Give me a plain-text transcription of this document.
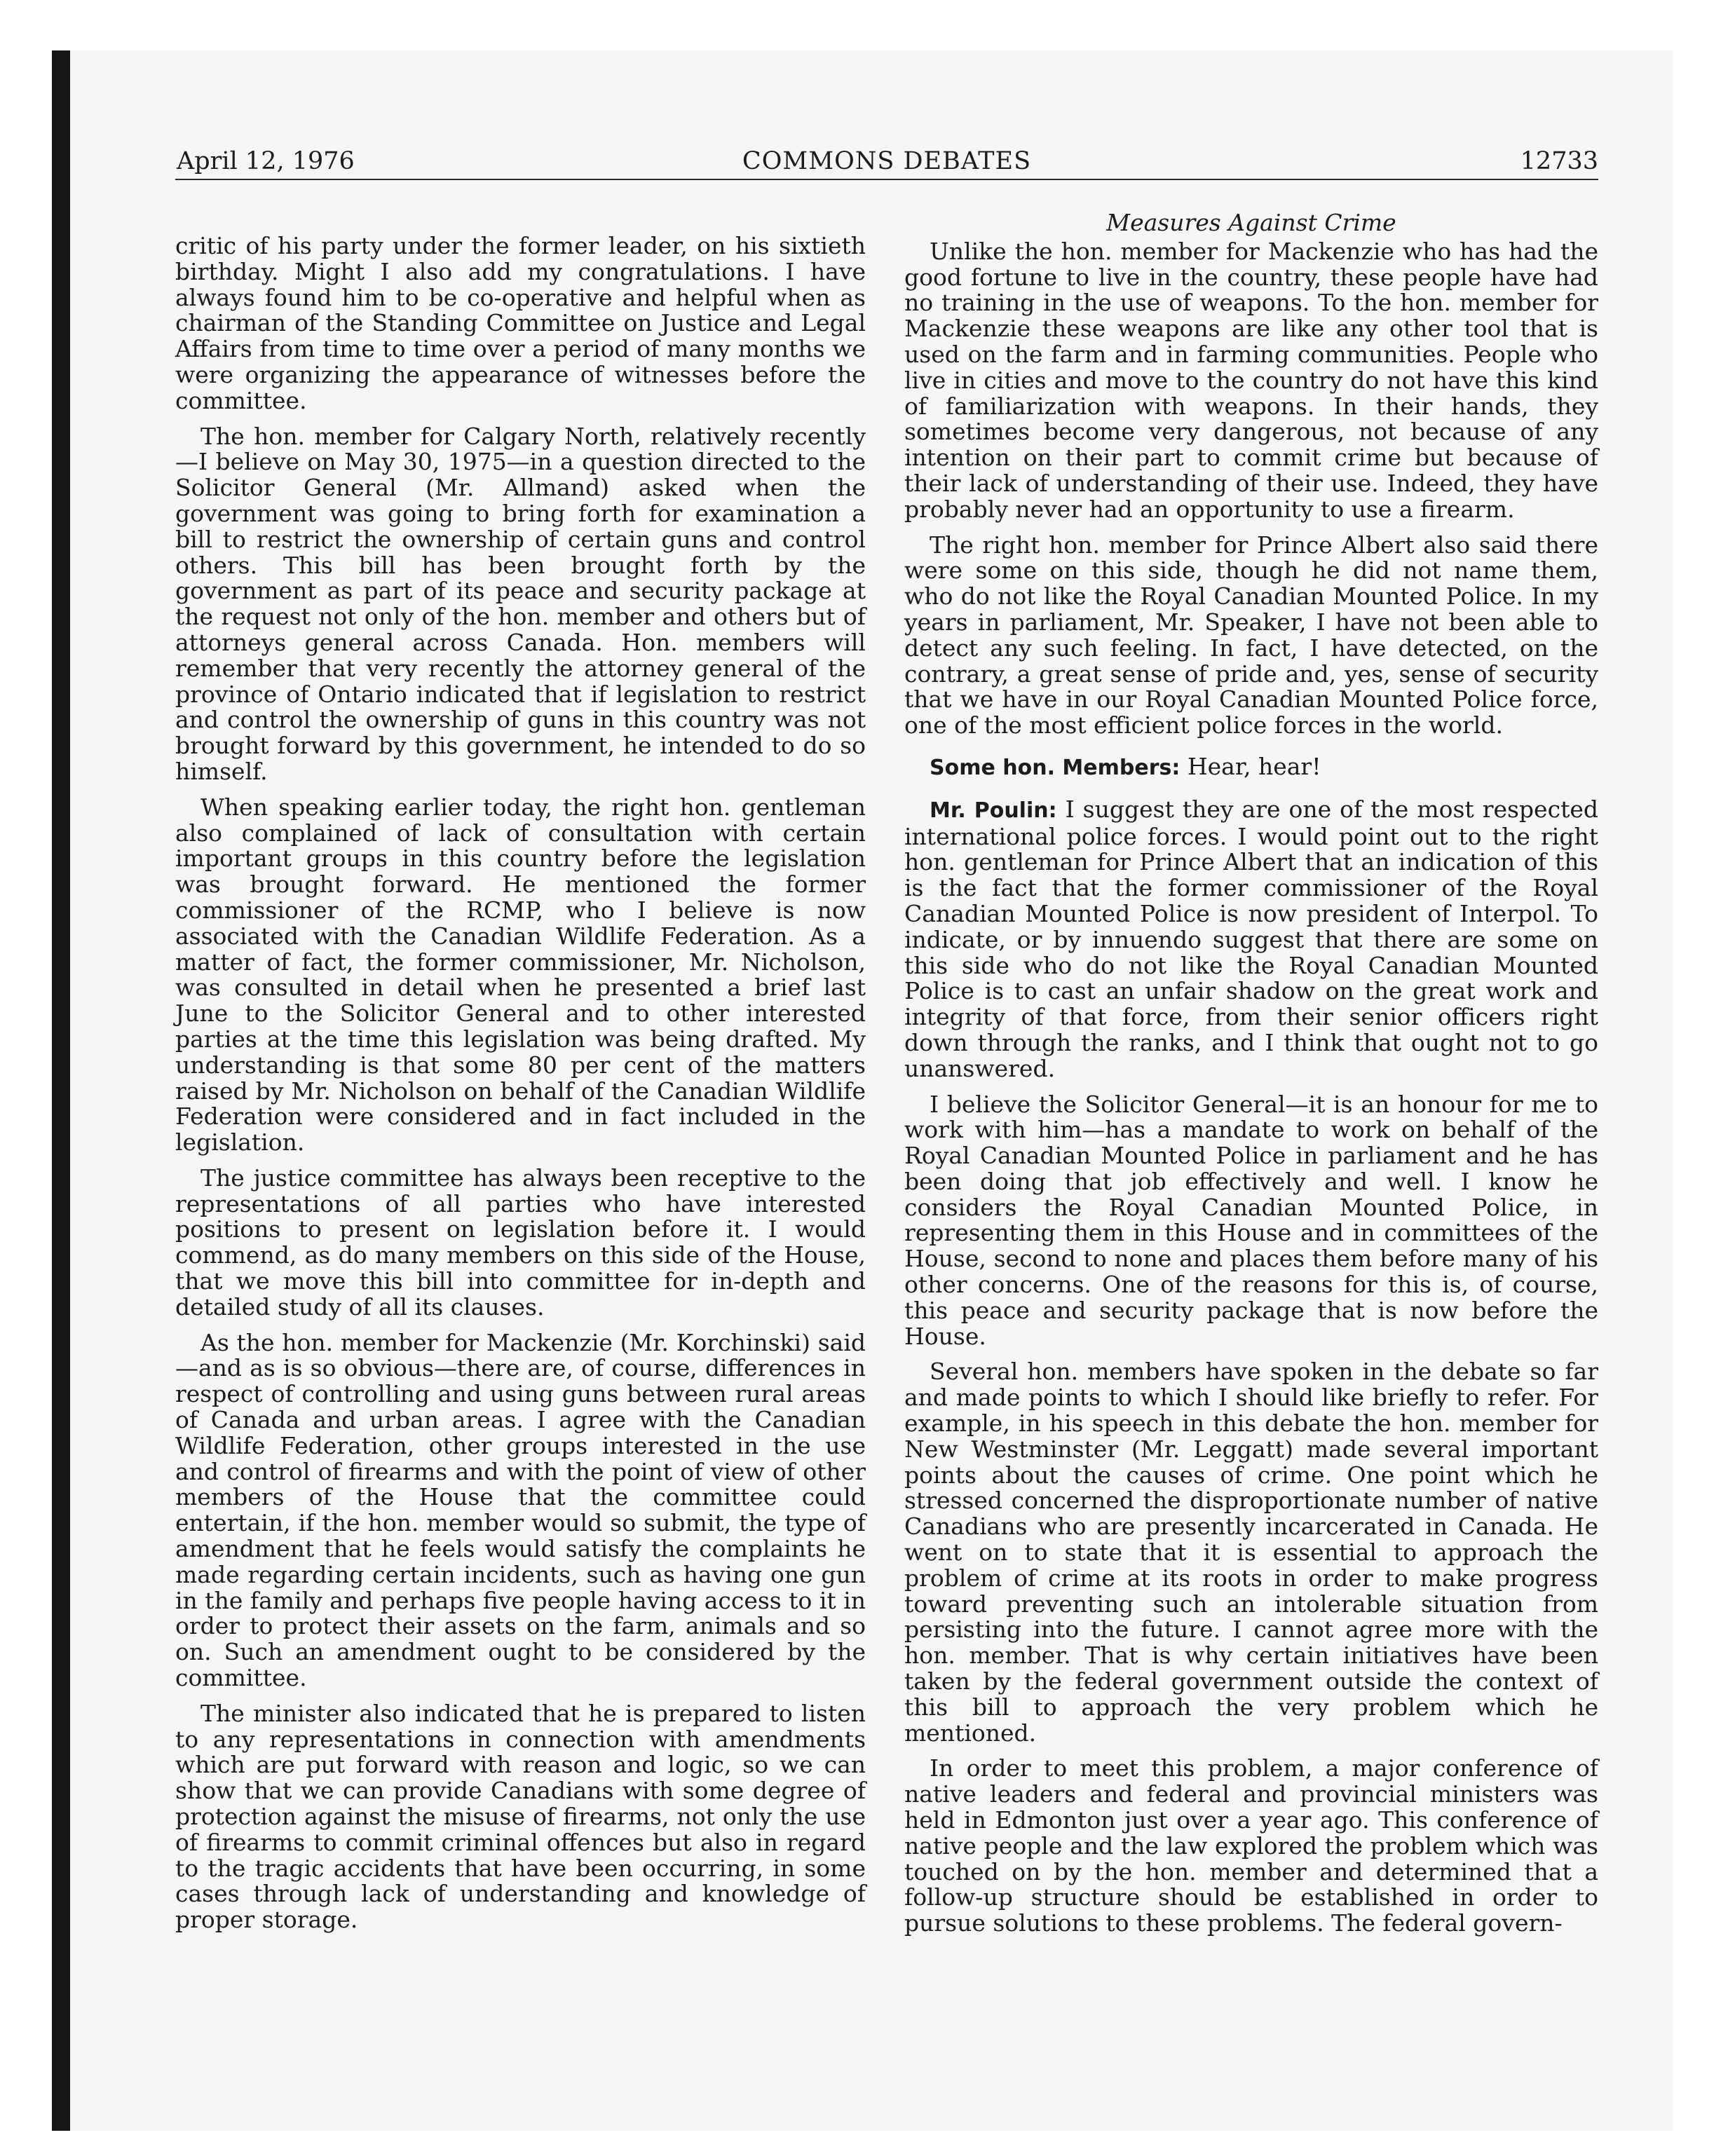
April 12, 1976	COMMONS DEBATES	12733

critic of his party under the former leader, on his sixtieth birthday. Might I also add my congratulations. I have always found him to be co-operative and helpful when as chairman of the Standing Committee on Justice and Legal Affairs from time to time over a period of many months we were organizing the appearance of witnesses before the committee.

The hon. member for Calgary North, relatively recently—I believe on May 30, 1975—in a question directed to the Solicitor General (Mr. Allmand) asked when the government was going to bring forth for examination a bill to restrict the ownership of certain guns and control others. This bill has been brought forth by the government as part of its peace and security package at the request not only of the hon. member and others but of attorneys general across Canada. Hon. members will remember that very recently the attorney general of the province of Ontario indicated that if legislation to restrict and control the ownership of guns in this country was not brought forward by this government, he intended to do so himself.

When speaking earlier today, the right hon. gentleman also complained of lack of consultation with certain important groups in this country before the legislation was brought forward. He mentioned the former commissioner of the RCMP, who I believe is now associated with the Canadian Wildlife Federation. As a matter of fact, the former commissioner, Mr. Nicholson, was consulted in detail when he presented a brief last June to the Solicitor General and to other interested parties at the time this legislation was being drafted. My understanding is that some 80 per cent of the matters raised by Mr. Nicholson on behalf of the Canadian Wildlife Federation were considered and in fact included in the legislation.

The justice committee has always been receptive to the representations of all parties who have interested positions to present on legislation before it. I would commend, as do many members on this side of the House, that we move this bill into committee for in-depth and detailed study of all its clauses.

As the hon. member for Mackenzie (Mr. Korchinski) said—and as is so obvious—there are, of course, differences in respect of controlling and using guns between rural areas of Canada and urban areas. I agree with the Canadian Wildlife Federation, other groups interested in the use and control of firearms and with the point of view of other members of the House that the committee could entertain, if the hon. member would so submit, the type of amendment that he feels would satisfy the complaints he made regarding certain incidents, such as having one gun in the family and perhaps five people having access to it in order to protect their assets on the farm, animals and so on. Such an amendment ought to be considered by the committee.

The minister also indicated that he is prepared to listen to any representations in connection with amendments which are put forward with reason and logic, so we can show that we can provide Canadians with some degree of protection against the misuse of firearms, not only the use of firearms to commit criminal offences but also in regard to the tragic accidents that have been occurring, in some cases through lack of understanding and knowledge of proper storage.

Measures Against Crime

Unlike the hon. member for Mackenzie who has had the good fortune to live in the country, these people have had no training in the use of weapons. To the hon. member for Mackenzie these weapons are like any other tool that is used on the farm and in farming communities. People who live in cities and move to the country do not have this kind of familiarization with weapons. In their hands, they sometimes become very dangerous, not because of any intention on their part to commit crime but because of their lack of understanding of their use. Indeed, they have probably never had an opportunity to use a firearm.

The right hon. member for Prince Albert also said there were some on this side, though he did not name them, who do not like the Royal Canadian Mounted Police. In my years in parliament, Mr. Speaker, I have not been able to detect any such feeling. In fact, I have detected, on the contrary, a great sense of pride and, yes, sense of security that we have in our Royal Canadian Mounted Police force, one of the most efficient police forces in the world.

Some hon. Members: Hear, hear!

Mr. Poulin: I suggest they are one of the most respected international police forces. I would point out to the right hon. gentleman for Prince Albert that an indication of this is the fact that the former commissioner of the Royal Canadian Mounted Police is now president of Interpol. To indicate, or by innuendo suggest that there are some on this side who do not like the Royal Canadian Mounted Police is to cast an unfair shadow on the great work and integrity of that force, from their senior officers right down through the ranks, and I think that ought not to go unanswered.

I believe the Solicitor General—it is an honour for me to work with him—has a mandate to work on behalf of the Royal Canadian Mounted Police in parliament and he has been doing that job effectively and well. I know he considers the Royal Canadian Mounted Police, in representing them in this House and in committees of the House, second to none and places them before many of his other concerns. One of the reasons for this is, of course, this peace and security package that is now before the House.

Several hon. members have spoken in the debate so far and made points to which I should like briefly to refer. For example, in his speech in this debate the hon. member for New Westminster (Mr. Leggatt) made several important points about the causes of crime. One point which he stressed concerned the disproportionate number of native Canadians who are presently incarcerated in Canada. He went on to state that it is essential to approach the problem of crime at its roots in order to make progress toward preventing such an intolerable situation from persisting into the future. I cannot agree more with the hon. member. That is why certain initiatives have been taken by the federal government outside the context of this bill to approach the very problem which he mentioned.

In order to meet this problem, a major conference of native leaders and federal and provincial ministers was held in Edmonton just over a year ago. This conference of native people and the law explored the problem which was touched on by the hon. member and determined that a follow-up structure should be established in order to pursue solutions to these problems. The federal govern-
